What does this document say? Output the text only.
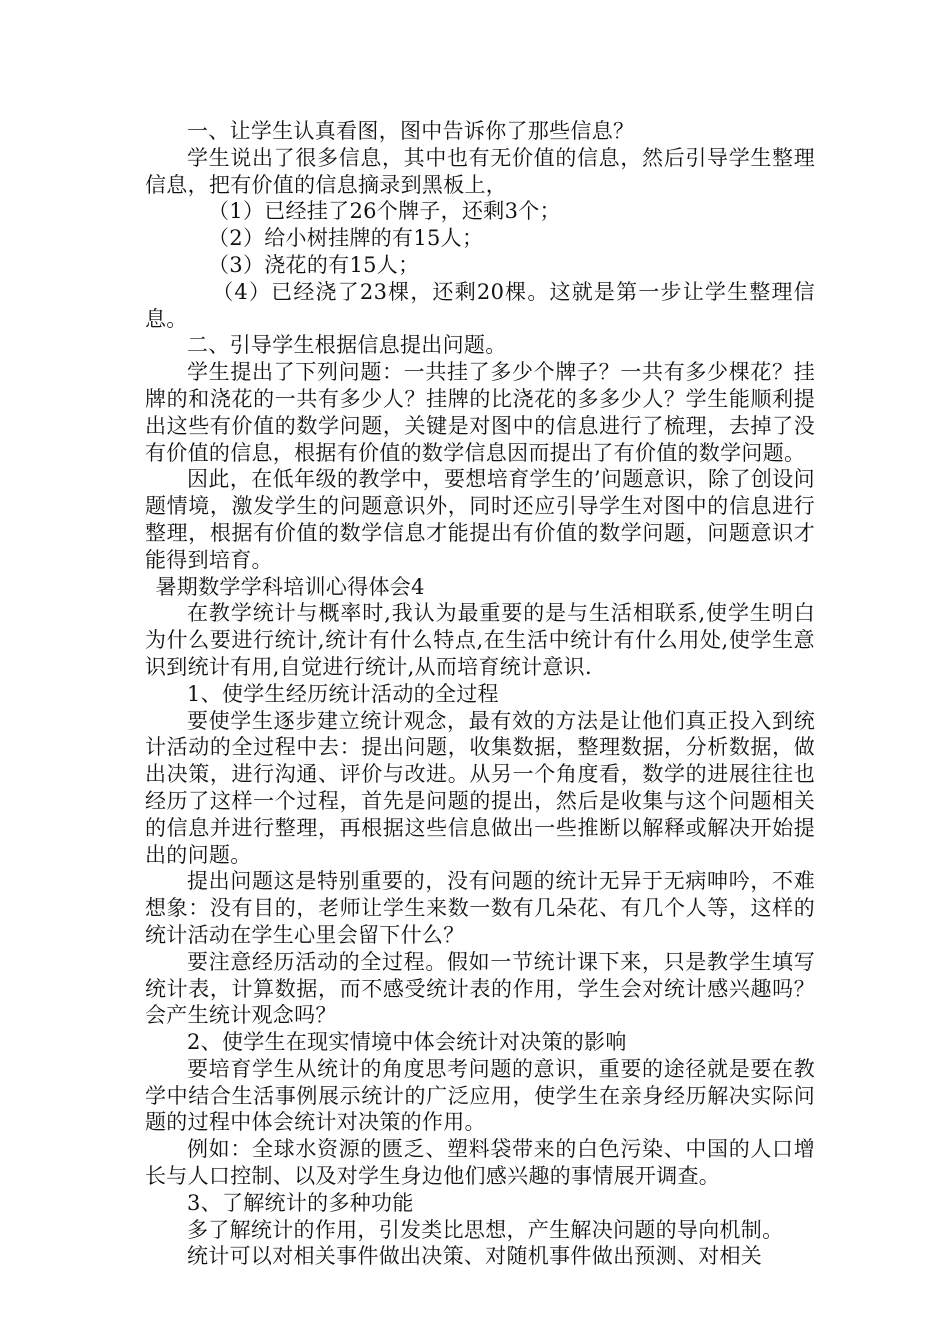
一、让学生认真看图，图中告诉你了那些信息？

学生说出了很多信息，其中也有无价值的信息，然后引导学生整理信息，把有价值的信息摘录到黑板上，

（1）已经挂了26个牌子，还剩3个；

（2）给小树挂牌的有15人；

（3）浇花的有15人；

（4）已经浇了23棵，还剩20棵。这就是第一步让学生整理信息。

二、引导学生根据信息提出问题。

学生提出了下列问题：一共挂了多少个牌子？一共有多少棵花？挂牌的和浇花的一共有多少人？挂牌的比浇花的多多少人？学生能顺利提出这些有价值的数学问题，关键是对图中的信息进行了梳理，去掉了没有价值的信息，根据有价值的数学信息因而提出了有价值的数学问题。

因此，在低年级的教学中，要想培育学生的’问题意识，除了创设问题情境，激发学生的问题意识外，同时还应引导学生对图中的信息进行整理，根据有价值的数学信息才能提出有价值的数学问题，问题意识才能得到培育。

暑期数学学科培训心得体会4

在教学统计与概率时,我认为最重要的是与生活相联系,使学生明白为什么要进行统计,统计有什么特点,在生活中统计有什么用处,使学生意识到统计有用,自觉进行统计,从而培育统计意识.

1、使学生经历统计活动的全过程

要使学生逐步建立统计观念，最有效的方法是让他们真正投入到统计活动的全过程中去：提出问题，收集数据，整理数据，分析数据，做出决策，进行沟通、评价与改进。从另一个角度看，数学的进展往往也经历了这样一个过程，首先是问题的提出，然后是收集与这个问题相关的信息并进行整理，再根据这些信息做出一些推断以解释或解决开始提出的问题。

提出问题这是特别重要的，没有问题的统计无异于无病呻吟，不难想象：没有目的，老师让学生来数一数有几朵花、有几个人等，这样的统计活动在学生心里会留下什么？

要注意经历活动的全过程。假如一节统计课下来，只是教学生填写统计表，计算数据，而不感受统计表的作用，学生会对统计感兴趣吗？会产生统计观念吗？

2、使学生在现实情境中体会统计对决策的影响

要培育学生从统计的角度思考问题的意识，重要的途径就是要在教学中结合生活事例展示统计的广泛应用，使学生在亲身经历解决实际问题的过程中体会统计对决策的作用。

例如：全球水资源的匮乏、塑料袋带来的白色污染、中国的人口增长与人口控制、以及对学生身边他们感兴趣的事情展开调查。

3、了解统计的多种功能

多了解统计的作用，引发类比思想，产生解决问题的导向机制。

统计可以对相关事件做出决策、对随机事件做出预测、对相关
